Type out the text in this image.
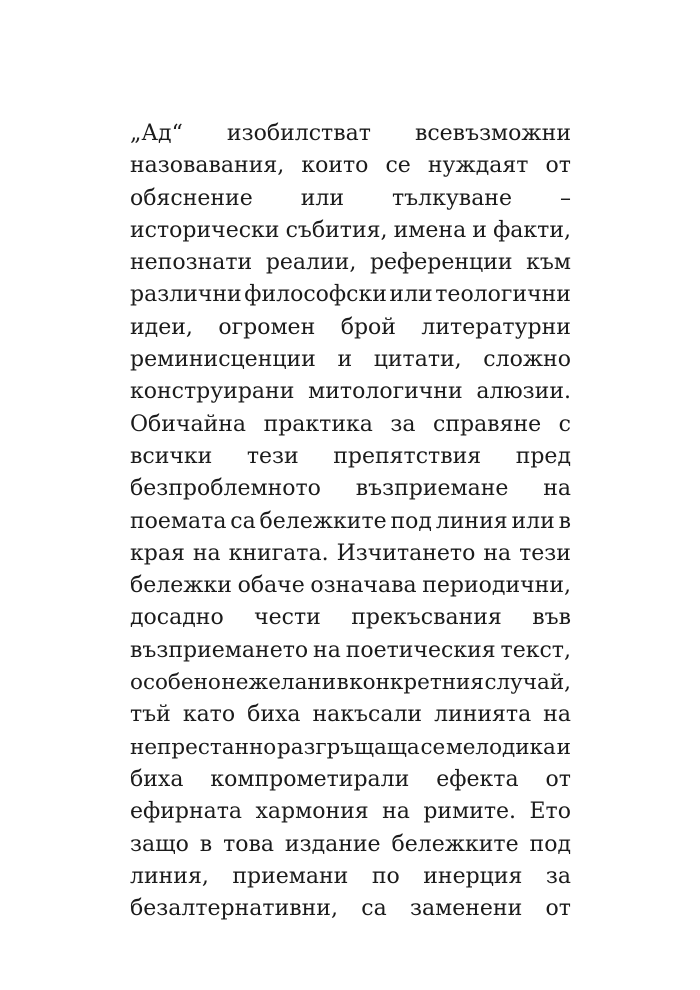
„Ад“ изобилстват всевъзможни
назовавания, които се нуждаят от
обяснение или тълкуване –
исторически събития, имена и факти,
непознати реалии, референции към
различни философски или теологични
идеи, огромен брой литературни
реминисценции и цитати, сложно
конструирани митологични алюзии.
Обичайна практика за справяне с
всички тези препятствия пред
безпроблемното възприемане на
поемата са бележките под линия или в
края на книгата. Изчитането на тези
бележки обаче означава периодични,
досадно чести прекъсвания във
възприемането на поетическия текст,
особено нежелани в конкретния случай,
тъй като биха накъсали линията на
непрестанно разгръщаща се мелодика и
биха компрометирали ефекта от
ефирната хармония на римите. Ето
защо в това издание бележките под
линия, приемани по инерция за
безалтернативни, са заменени от
